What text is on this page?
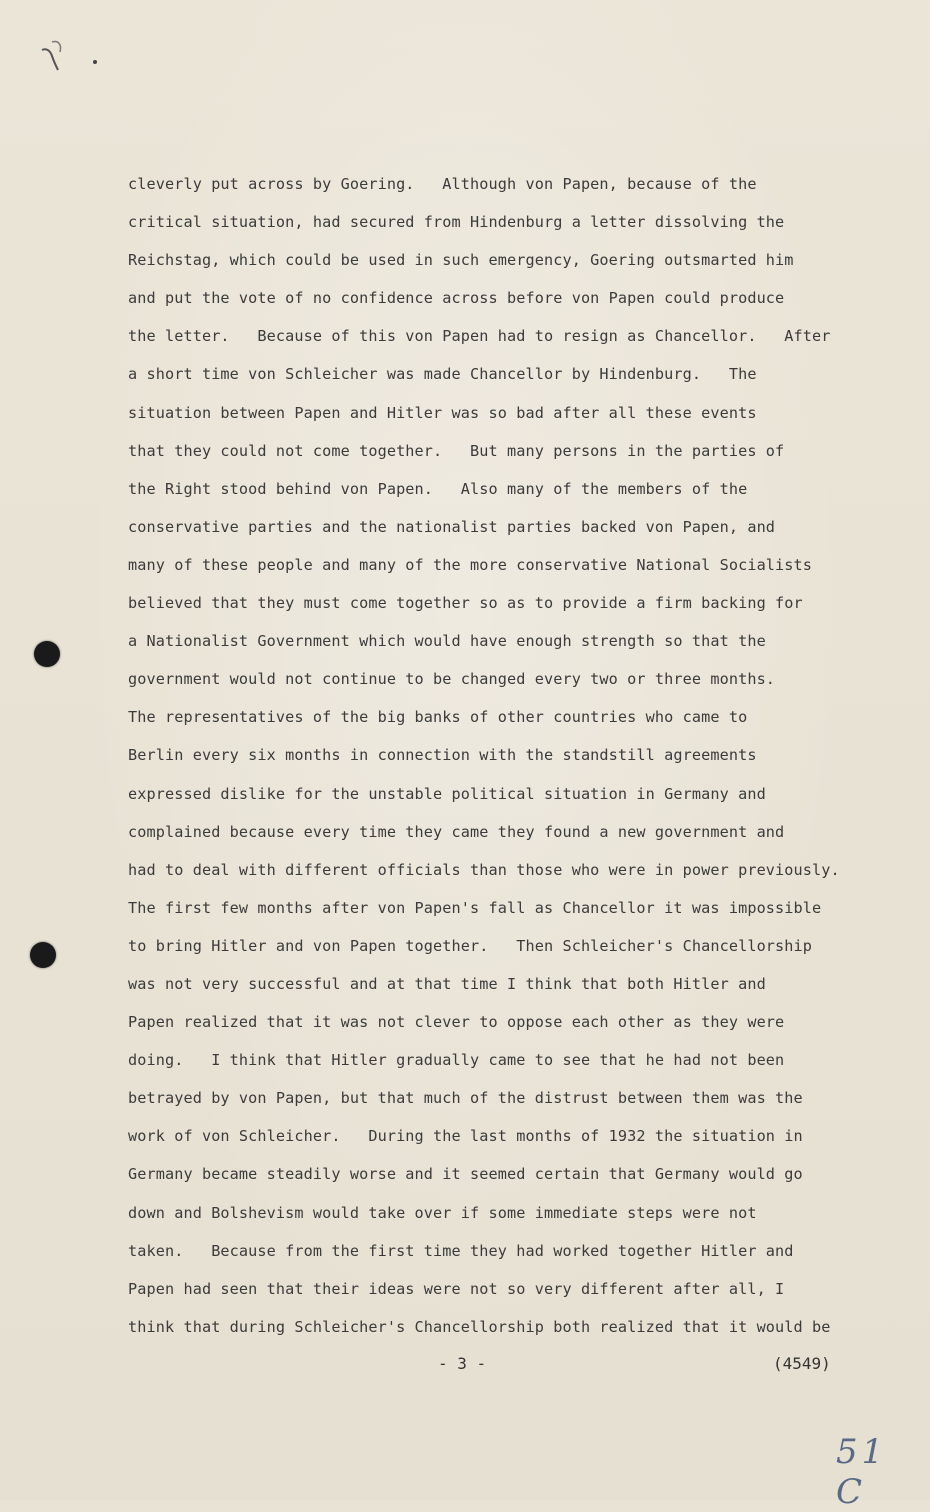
cleverly put across by Goering.   Although von Papen, because of the
critical situation, had secured from Hindenburg a letter dissolving the
Reichstag, which could be used in such emergency, Goering outsmarted him
and put the vote of no confidence across before von Papen could produce
the letter.   Because of this von Papen had to resign as Chancellor.   After
a short time von Schleicher was made Chancellor by Hindenburg.   The
situation between Papen and Hitler was so bad after all these events
that they could not come together.   But many persons in the parties of
the Right stood behind von Papen.   Also many of the members of the
conservative parties and the nationalist parties backed von Papen, and
many of these people and many of the more conservative National Socialists
believed that they must come together so as to provide a firm backing for
a Nationalist Government which would have enough strength so that the
government would not continue to be changed every two or three months.
The representatives of the big banks of other countries who came to
Berlin every six months in connection with the standstill agreements
expressed dislike for the unstable political situation in Germany and
complained because every time they came they found a new government and
had to deal with different officials than those who were in power previously.
The first few months after von Papen's fall as Chancellor it was impossible
to bring Hitler and von Papen together.   Then Schleicher's Chancellorship
was not very successful and at that time I think that both Hitler and
Papen realized that it was not clever to oppose each other as they were
doing.   I think that Hitler gradually came to see that he had not been
betrayed by von Papen, but that much of the distrust between them was the
work of von Schleicher.   During the last months of 1932 the situation in
Germany became steadily worse and it seemed certain that Germany would go
down and Bolshevism would take over if some immediate steps were not
taken.   Because from the first time they had worked together Hitler and
Papen had seen that their ideas were not so very different after all, I
think that during Schleicher's Chancellorship both realized that it would be
- 3 -	(4549)
51 C
